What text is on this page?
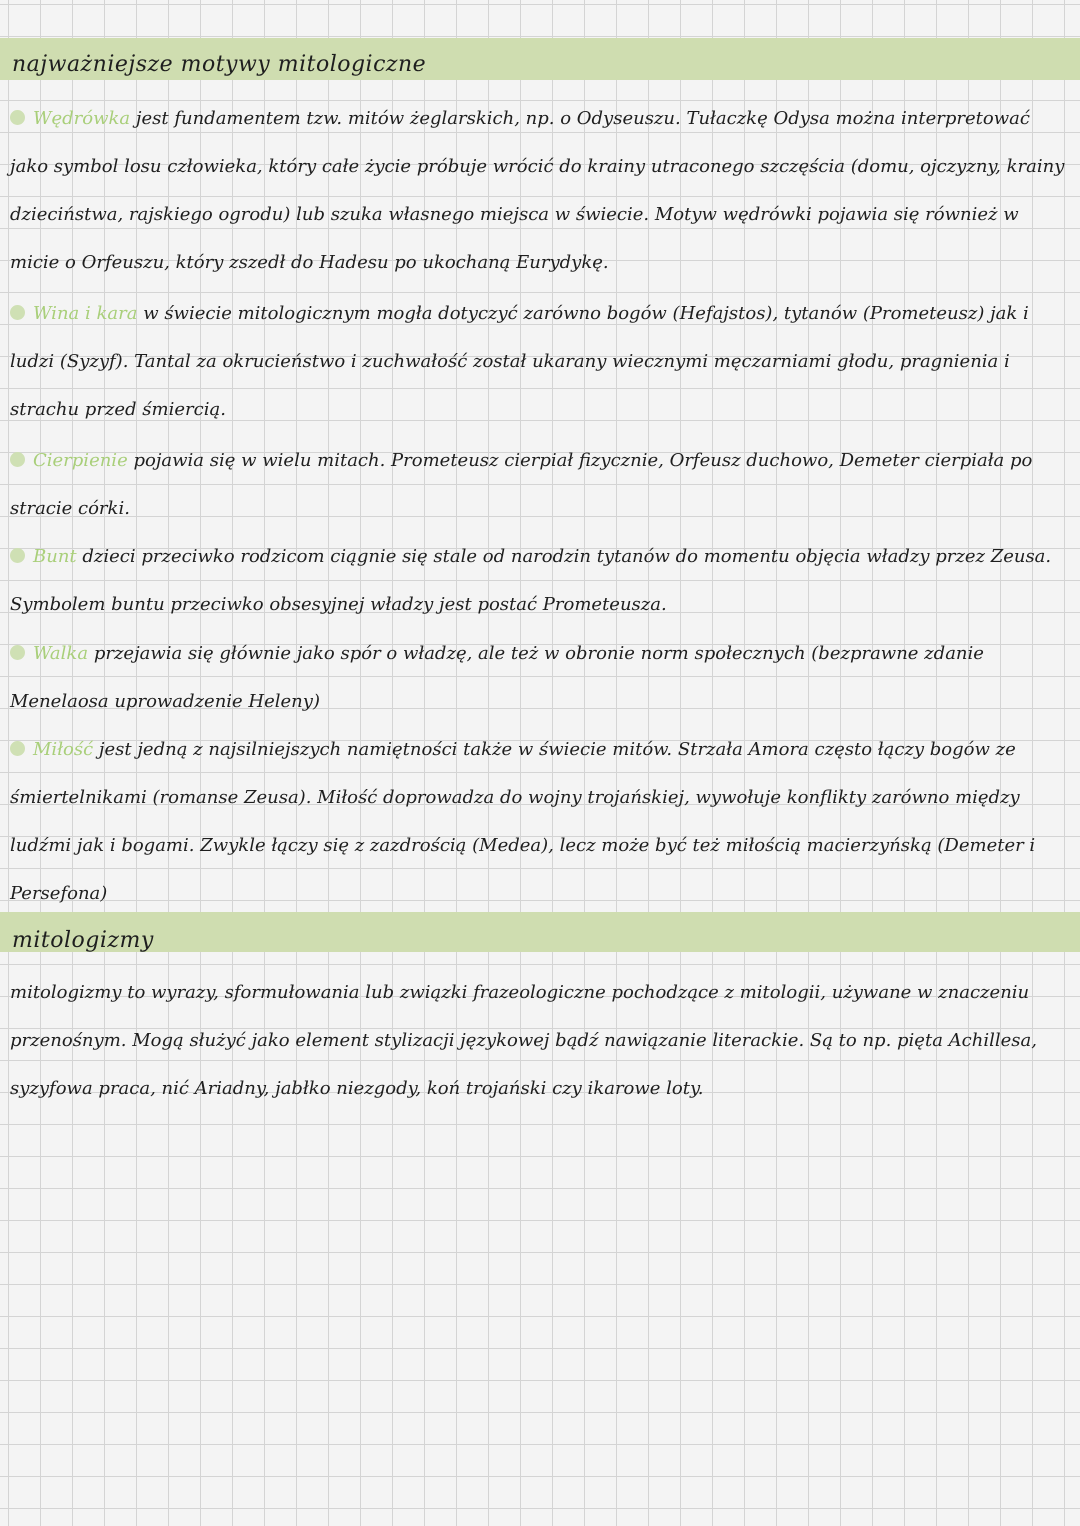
najważniejsze motywy mitologiczne

Wędrówka jest fundamentem tzw. mitów żeglarskich, np. o Odyseuszu. Tułaczkę Odysa można interpretować jako symbol losu człowieka, który całe życie próbuje wrócić do krainy utraconego szczęścia (domu, ojczyzny, krainy dzieciństwa, rajskiego ogrodu) lub szuka własnego miejsca w świecie. Motyw wędrówki pojawia się również w micie o Orfeuszu, który zszedł do Hadesu po ukochaną Eurydykę.

Wina i kara w świecie mitologicznym mogła dotyczyć zarówno bogów (Hefajstos), tytanów (Prometeusz) jak i ludzi (Syzyf). Tantal za okrucieństwo i zuchwałość został ukarany wiecznymi męczarniami głodu, pragnienia i strachu przed śmiercią.

Cierpienie pojawia się w wielu mitach. Prometeusz cierpiał fizycznie, Orfeusz duchowo, Demeter cierpiała po stracie córki.

Bunt dzieci przeciwko rodzicom ciągnie się stale od narodzin tytanów do momentu objęcia władzy przez Zeusa. Symbolem buntu przeciwko obsesyjnej władzy jest postać Prometeusza.

Walka przejawia się głównie jako spór o władzę, ale też w obronie norm społecznych (bezprawne zdanie Menelaosa uprowadzenie Heleny)

Miłość jest jedną z najsilniejszych namiętności także w świecie mitów. Strzała Amora często łączy bogów ze śmiertelnikami (romanse Zeusa). Miłość doprowadza do wojny trojańskiej, wywołuje konflikty zarówno między ludźmi jak i bogami. Zwykle łączy się z zazdrością (Medea), lecz może być też miłością macierzyńską (Demeter i Persefona)

mitologizmy

mitologizmy to wyrazy, sformułowania lub związki frazeologiczne pochodzące z mitologii, używane w znaczeniu przenośnym. Mogą służyć jako element stylizacji językowej bądź nawiązanie literackie. Są to np. pięta Achillesa, syzyfowa praca, nić Ariadny, jabłko niezgody, koń trojański czy ikarowe loty.
